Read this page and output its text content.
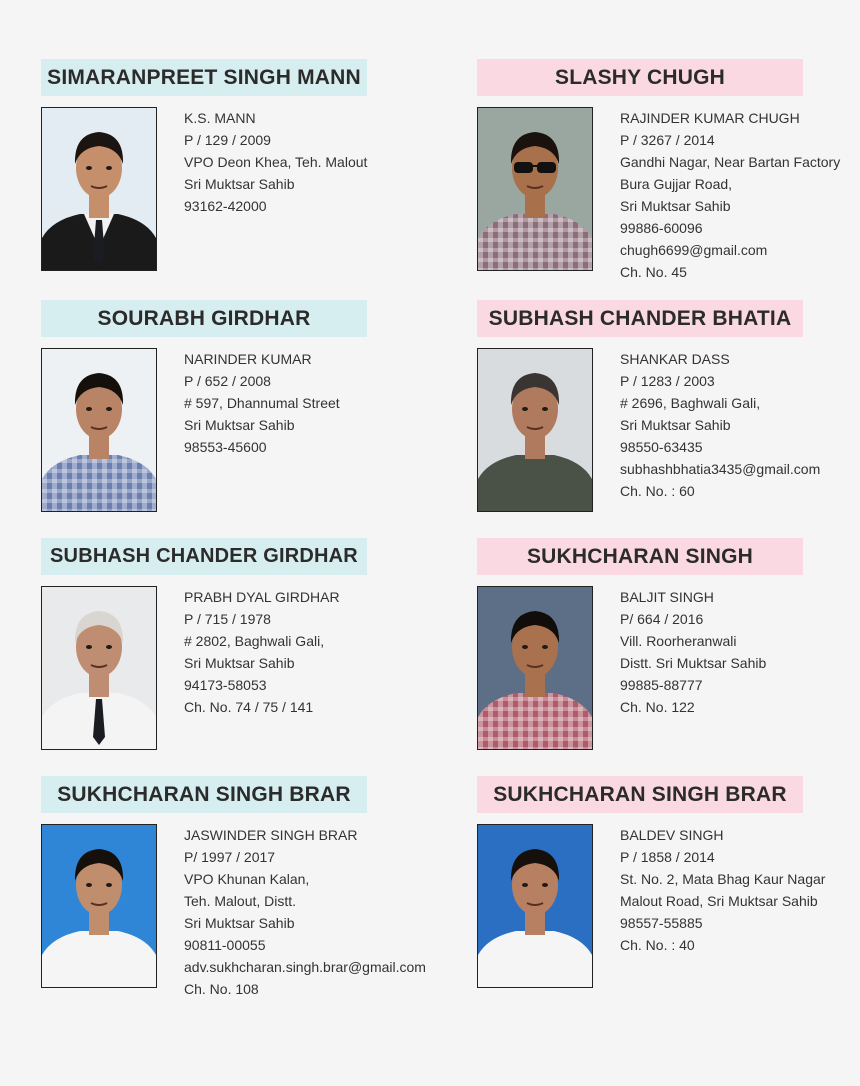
SIMARANPREET SINGH MANN
K.S. MANN
P / 129 / 2009
VPO Deon Khea, Teh. Malout
Sri Muktsar Sahib
93162-42000
SLASHY CHUGH
RAJINDER KUMAR CHUGH
P / 3267 / 2014
Gandhi Nagar, Near Bartan Factory
Bura Gujjar Road,
Sri Muktsar Sahib
99886-60096
chugh6699@gmail.com
Ch. No. 45
SOURABH GIRDHAR
NARINDER KUMAR
P / 652 / 2008
# 597, Dhannumal Street
Sri Muktsar Sahib
98553-45600
SUBHASH CHANDER BHATIA
SHANKAR DASS
P / 1283 / 2003
# 2696, Baghwali Gali,
Sri Muktsar Sahib
98550-63435
subhashbhatia3435@gmail.com
Ch. No. : 60
SUBHASH CHANDER GIRDHAR
PRABH DYAL GIRDHAR
P / 715 / 1978
# 2802, Baghwali Gali,
Sri Muktsar Sahib
94173-58053
Ch. No. 74 / 75 / 141
SUKHCHARAN SINGH
BALJIT SINGH
P/ 664 / 2016
Vill. Roorheranwali
Distt. Sri Muktsar Sahib
99885-88777
Ch. No. 122
SUKHCHARAN SINGH BRAR
JASWINDER SINGH BRAR
P/ 1997 / 2017
VPO Khunan Kalan,
Teh. Malout, Distt.
Sri Muktsar Sahib
90811-00055
adv.sukhcharan.singh.brar@gmail.com
Ch. No. 108
SUKHCHARAN SINGH BRAR
BALDEV SINGH
P / 1858 / 2014
St. No. 2, Mata Bhag Kaur Nagar
Malout Road, Sri Muktsar Sahib
98557-55885
Ch. No. : 40
